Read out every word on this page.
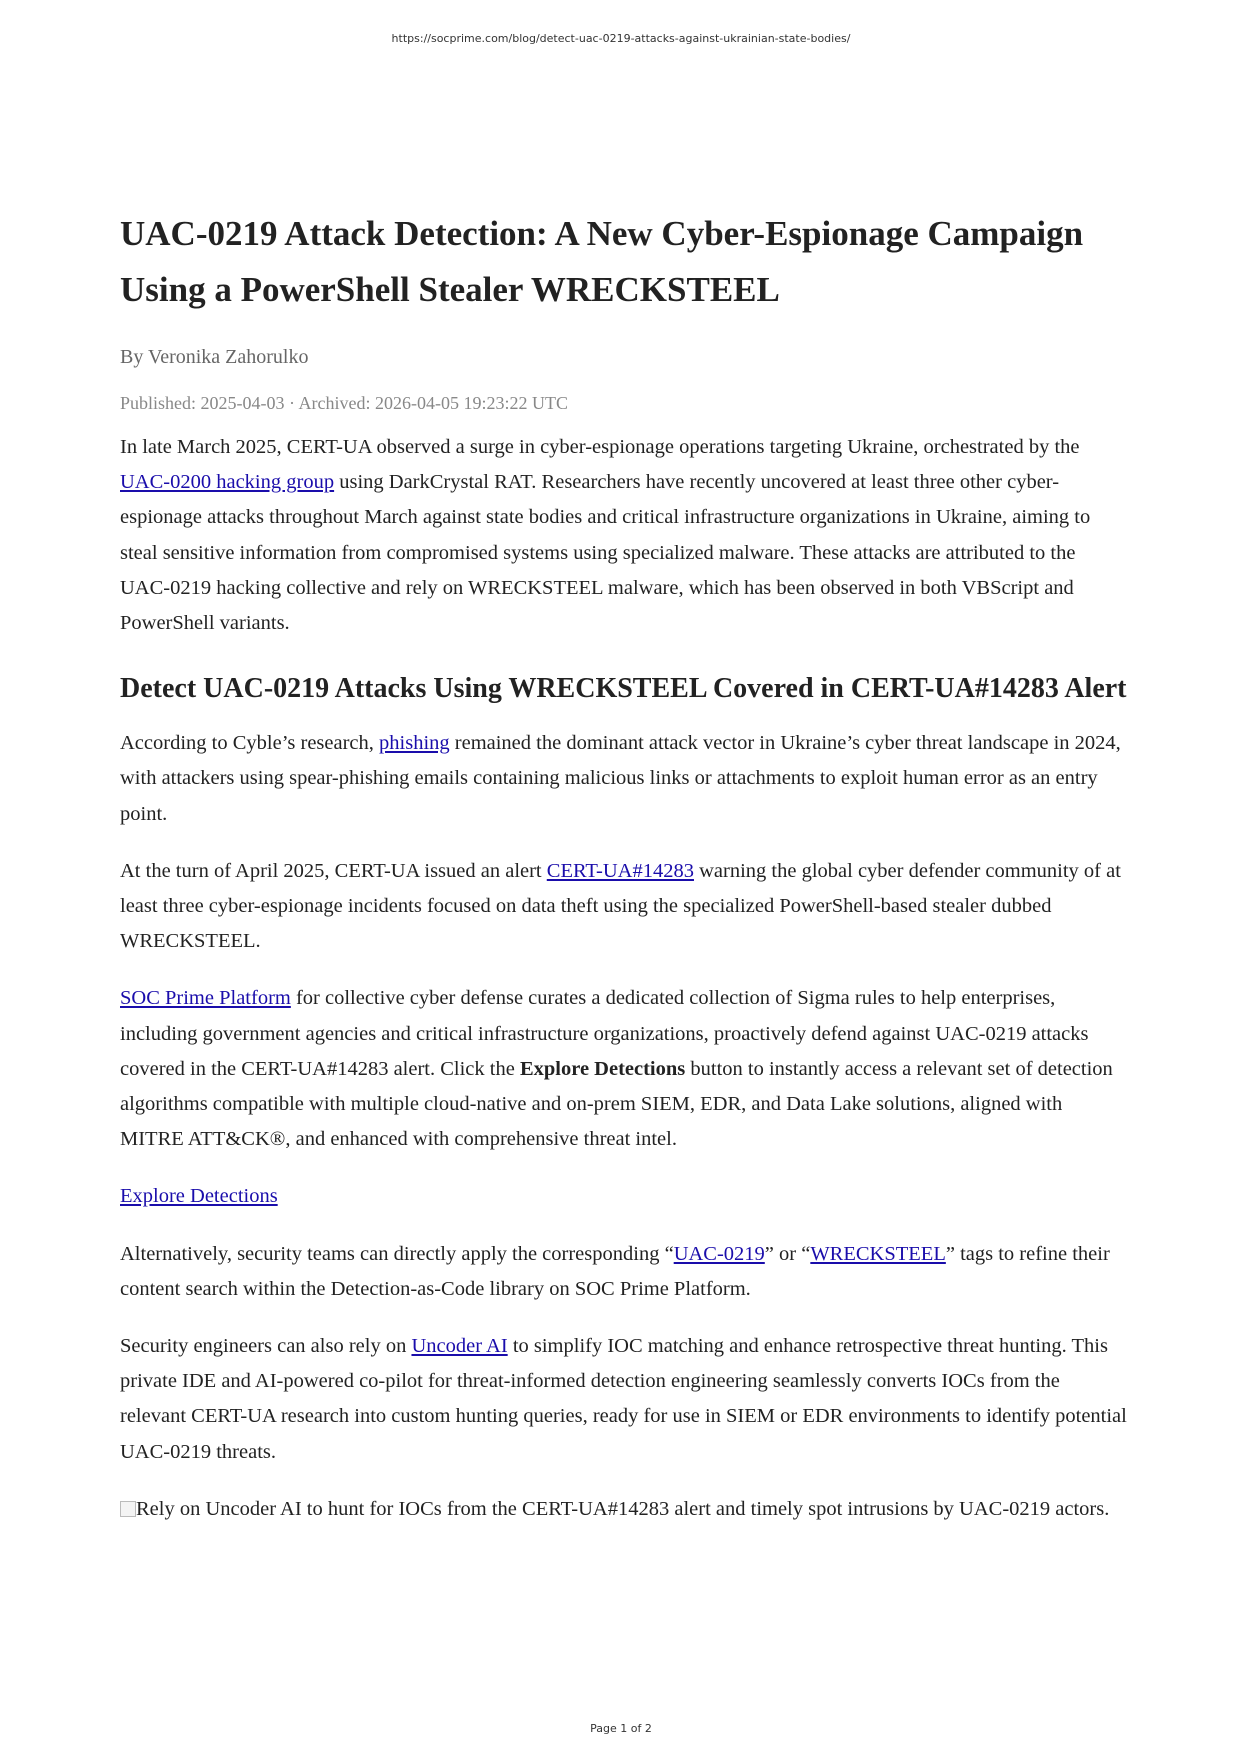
https://socprime.com/blog/detect-uac-0219-attacks-against-ukrainian-state-bodies/
UAC-0219 Attack Detection: A New Cyber-Espionage Campaign Using a PowerShell Stealer WRECKSTEEL
By Veronika Zahorulko
Published: 2025-04-03 · Archived: 2026-04-05 19:23:22 UTC

In late March 2025, CERT-UA observed a surge in cyber-espionage operations targeting Ukraine, orchestrated by the UAC-0200 hacking group using DarkCrystal RAT. Researchers have recently uncovered at least three other cyber-espionage attacks throughout March against state bodies and critical infrastructure organizations in Ukraine, aiming to steal sensitive information from compromised systems using specialized malware. These attacks are attributed to the UAC-0219 hacking collective and rely on WRECKSTEEL malware, which has been observed in both VBScript and PowerShell variants.

Detect UAC-0219 Attacks Using WRECKSTEEL Covered in CERT-UA#14283 Alert

According to Cyble’s research, phishing remained the dominant attack vector in Ukraine’s cyber threat landscape in 2024, with attackers using spear-phishing emails containing malicious links or attachments to exploit human error as an entry point.

At the turn of April 2025, CERT-UA issued an alert CERT-UA#14283 warning the global cyber defender community of at least three cyber-espionage incidents focused on data theft using the specialized PowerShell-based stealer dubbed WRECKSTEEL.

SOC Prime Platform for collective cyber defense curates a dedicated collection of Sigma rules to help enterprises, including government agencies and critical infrastructure organizations, proactively defend against UAC-0219 attacks covered in the CERT-UA#14283 alert. Click the Explore Detections button to instantly access a relevant set of detection algorithms compatible with multiple cloud-native and on-prem SIEM, EDR, and Data Lake solutions, aligned with MITRE ATT&CK®, and enhanced with comprehensive threat intel.

Explore Detections

Alternatively, security teams can directly apply the corresponding “UAC-0219” or “WRECKSTEEL” tags to refine their content search within the Detection-as-Code library on SOC Prime Platform.

Security engineers can also rely on Uncoder AI to simplify IOC matching and enhance retrospective threat hunting. This private IDE and AI-powered co-pilot for threat-informed detection engineering seamlessly converts IOCs from the relevant CERT-UA research into custom hunting queries, ready for use in SIEM or EDR environments to identify potential UAC-0219 threats.

Rely on Uncoder AI to hunt for IOCs from the CERT-UA#14283 alert and timely spot intrusions by UAC-0219 actors.

Page 1 of 2
